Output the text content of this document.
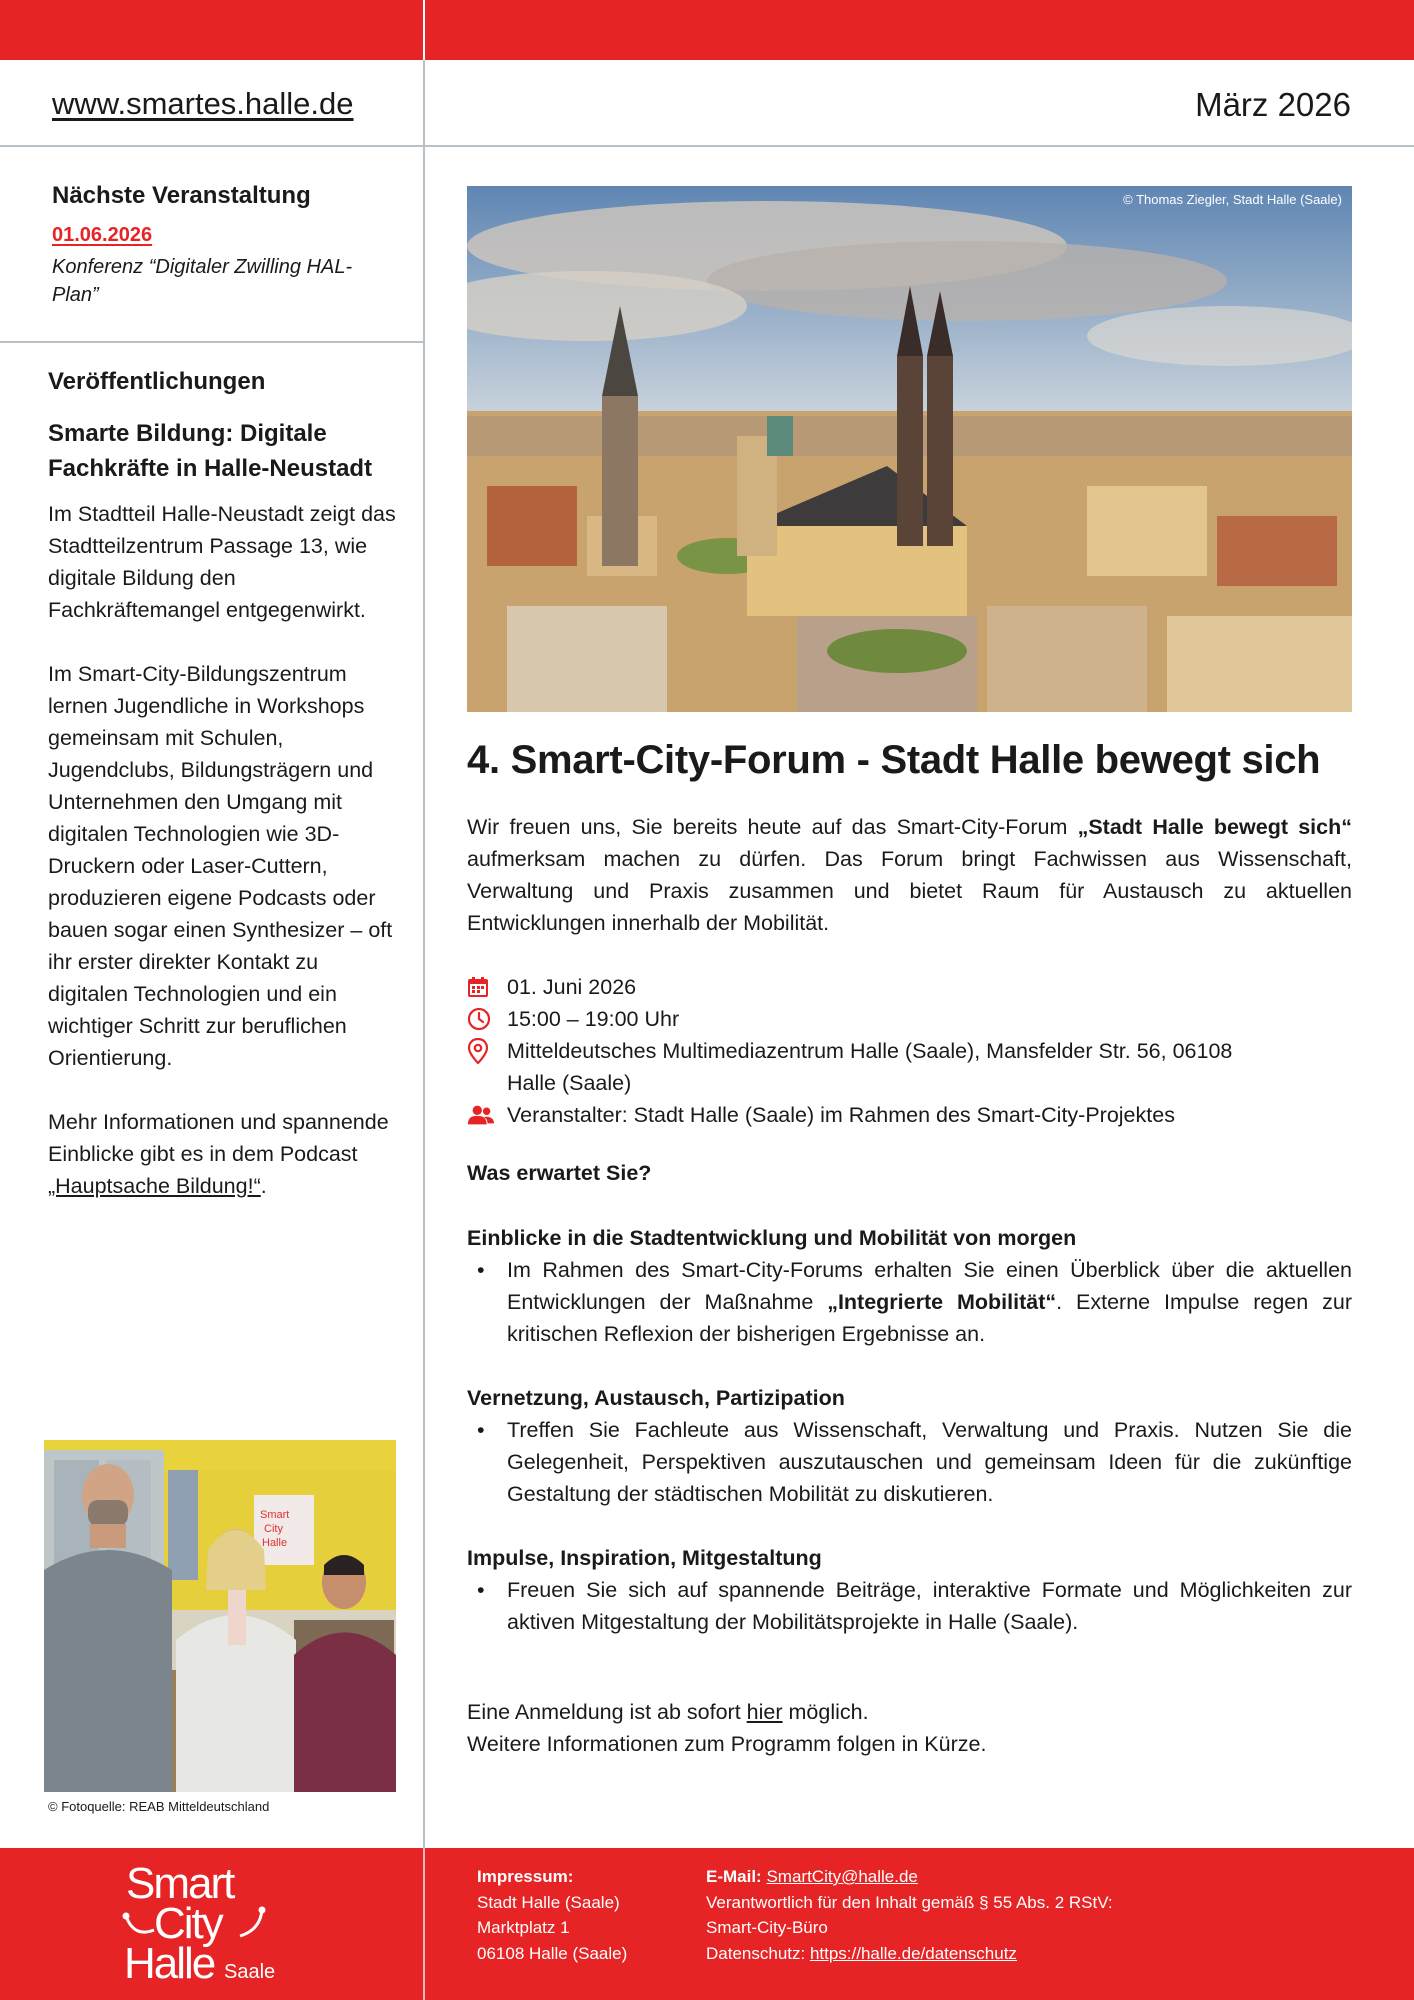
www.smartes.halle.de	März 2026
Nächste Veranstaltung
01.06.2026
Konferenz “Digitaler Zwilling HAL-Plan”
Veröffentlichungen
Smarte Bildung: Digitale Fachkräfte in Halle-Neustadt

Im Stadtteil Halle-Neustadt zeigt das Stadtteilzentrum Passage 13, wie digitale Bildung den Fachkräftemangel entgegenwirkt.

Im Smart-City-Bildungszentrum lernen Jugendliche in Workshops gemeinsam mit Schulen, Jugendclubs, Bildungsträgern und Unternehmen den Umgang mit digitalen Technologien wie 3D-Druckern oder Laser-Cuttern, produzieren eigene Podcasts oder bauen sogar einen Synthesizer – oft ihr erster direkter Kontakt zu digitalen Technologien und ein wichtiger Schritt zur beruflichen Orientierung.

Mehr Informationen und spannende Einblicke gibt es in dem Podcast „Hauptsache Bildung!“.

Smart
City
Halle
© Fotoquelle: REAB Mitteldeutschland
© Thomas Ziegler, Stadt Halle (Saale)
4. Smart-City-Forum - Stadt Halle bewegt sich

Wir freuen uns, Sie bereits heute auf das Smart-City-Forum „Stadt Halle bewegt sich“ aufmerksam machen zu dürfen. Das Forum bringt Fachwissen aus Wissenschaft, Verwaltung und Praxis zusammen und bietet Raum für Austausch zu aktuellen Entwicklungen innerhalb der Mobilität.

01. Juni 2026
15:00 – 19:00 Uhr
Mitteldeutsches Multimediazentrum Halle (Saale), Mansfelder Str. 56, 06108 Halle (Saale)
Veranstalter: Stadt Halle (Saale) im Rahmen des Smart-City-Projektes
Was erwartet Sie?
Einblicke in die Stadtentwicklung und Mobilität von morgen
• Im Rahmen des Smart-City-Forums erhalten Sie einen Überblick über die aktuellen Entwicklungen der Maßnahme „Integrierte Mobilität“. Externe Impulse regen zur kritischen Reflexion der bisherigen Ergebnisse an.
Vernetzung, Austausch, Partizipation
• Treffen Sie Fachleute aus Wissenschaft, Verwaltung und Praxis. Nutzen Sie die Gelegenheit, Perspektiven auszutauschen und gemeinsam Ideen für die zukünftige Gestaltung der städtischen Mobilität zu diskutieren.
Impulse, Inspiration, Mitgestaltung
• Freuen Sie sich auf spannende Beiträge, interaktive Formate und Möglichkeiten zur aktiven Mitgestaltung der Mobilitätsprojekte in Halle (Saale).
Eine Anmeldung ist ab sofort hier möglich.
Weitere Informationen zum Programm folgen in Kürze.
Smart
City
Halle Saale
Impressum:
Stadt Halle (Saale)
Marktplatz 1
06108 Halle (Saale)
E-Mail: SmartCity@halle.de
Verantwortlich für den Inhalt gemäß § 55 Abs. 2 RStV:
Smart-City-Büro
Datenschutz: https://halle.de/datenschutz
